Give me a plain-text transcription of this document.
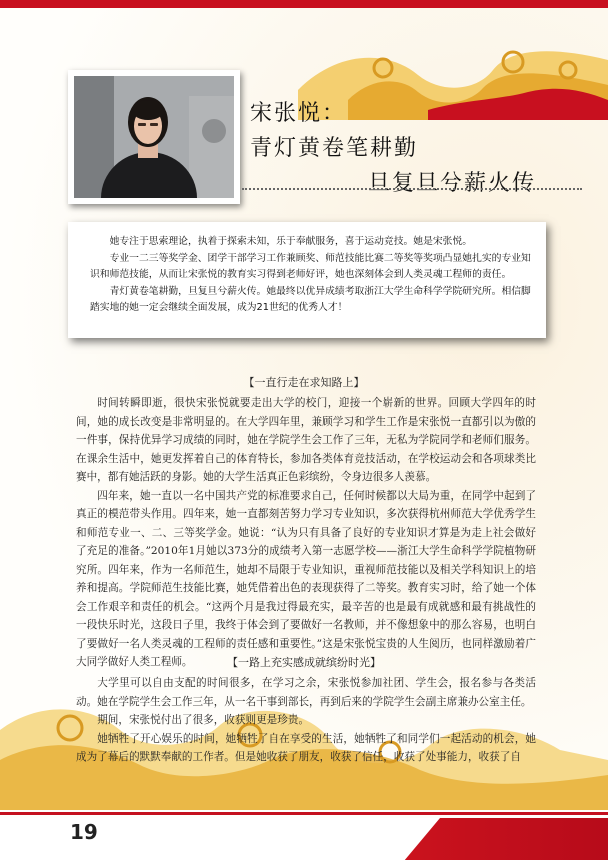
宋张悦：
青灯黄卷笔耕勤
旦复旦兮薪火传

她专注于思索理论，执着于探索未知，乐于奉献服务，喜于运动竞技。她是宋张悦。

专业一二三等奖学金、团学干部学习工作兼顾奖、师范技能比赛二等奖等奖项凸显她扎实的专业知识和师范技能，从而让宋张悦的教育实习得到老师好评，她也深刻体会到人类灵魂工程师的责任。

青灯黄卷笔耕勤，旦复旦兮薪火传。她最终以优异成绩考取浙江大学生命科学学院研究所。相信脚踏实地的她一定会继续全面发展，成为21世纪的优秀人才！

【一直行走在求知路上】

时间转瞬即逝，很快宋张悦就要走出大学的校门，迎接一个崭新的世界。回顾大学四年的时间，她的成长改变是非常明显的。在大学四年里，兼顾学习和学生工作是宋张悦一直都引以为傲的一件事，保持优异学习成绩的同时，她在学院学生会工作了三年，无私为学院同学和老师们服务。在课余生活中，她更发挥着自己的体育特长，参加各类体育竞技活动，在学校运动会和各项球类比赛中，都有她活跃的身影。她的大学生活真正色彩缤纷，令身边很多人羡慕。

四年来，她一直以一名中国共产党的标准要求自己，任何时候都以大局为重，在同学中起到了真正的模范带头作用。四年来，她一直都刻苦努力学习专业知识，多次获得杭州师范大学优秀学生和师范专业一、二、三等奖学金。她说：“认为只有具备了良好的专业知识才算是为走上社会做好了充足的准备。”2010年1月她以373分的成绩考入第一志愿学校——浙江大学生命科学学院植物研究所。四年来，作为一名师范生，她却不局限于专业知识，重视师范技能以及相关学科知识上的培养和提高。学院师范生技能比赛，她凭借着出色的表现获得了二等奖。教育实习时，给了她一个体会工作艰辛和责任的机会。“这两个月是我过得最充实，最辛苦的也是最有成就感和最有挑战性的一段快乐时光，这段日子里，我终于体会到了要做好一名教师，并不像想象中的那么容易，也明白了要做好一名人类灵魂的工程师的责任感和重要性。”这是宋张悦宝贵的人生阅历，也同样激励着广大同学做好人类工程师。	【一路上充实感成就缤纷时光】

大学里可以自由支配的时间很多，在学习之余，宋张悦参加社团、学生会，报名参与各类活动。她在学院学生会工作三年，从一名干事到部长，再到后来的学院学生会副主席兼办公室主任。

期间，宋张悦付出了很多，收获则更是珍贵。

她牺牲了开心娱乐的时间，她牺牲了自在享受的生活，她牺牲了和同学们一起活动的机会，她成为了幕后的默默奉献的工作者。但是她收获了朋友，收获了信任，收获了处事能力，收获了自

19
